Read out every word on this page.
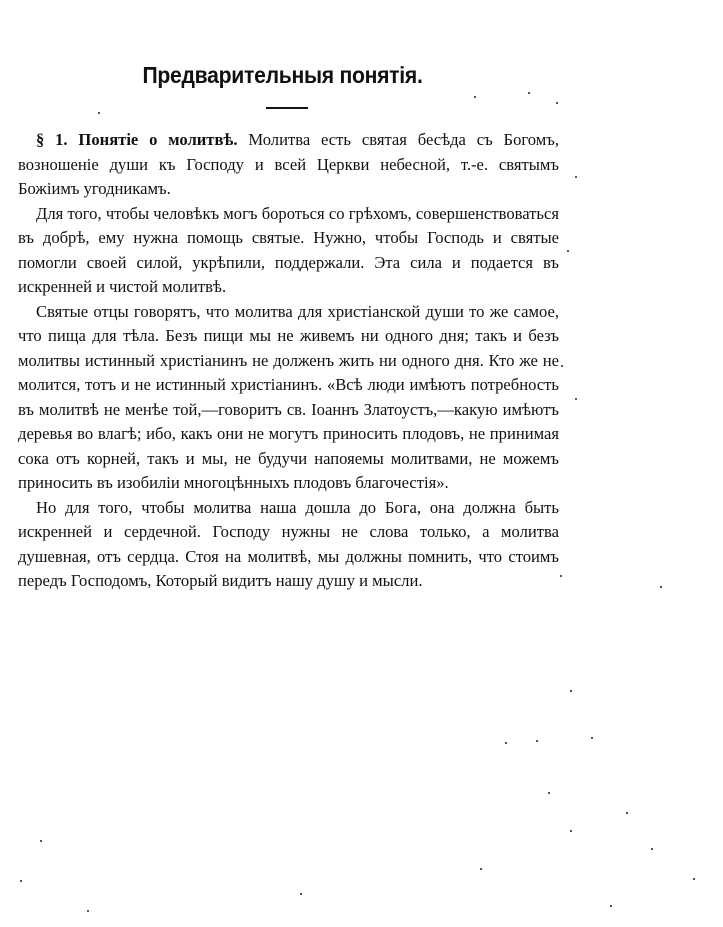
Предварительныя понятія.

§ 1. Понятіе о молитвѣ. Молитва есть святая бесѣда съ Богомъ, возношеніе души къ Господу и всей Церкви небесной, т.-е. святымъ Божіимъ угодникамъ.

Для того, чтобы человѣкъ могъ бороться со грѣхомъ, совершенствоваться въ добрѣ, ему нужна помощь святые. Нужно, чтобы Господь и святые помогли своей силой, укрѣпили, поддержали. Эта сила и подается въ искренней и чистой молитвѣ.

Святые отцы говорятъ, что молитва для христіанской души то же самое, что пища для тѣла. Безъ пищи мы не живемъ ни одного дня; такъ и безъ молитвы истинный христіанинъ не долженъ жить ни одного дня. Кто же не молится, тотъ и не истинный христіанинъ. «Всѣ люди имѣютъ потребность въ молитвѣ не менѣе той,—говоритъ св. Іоаннъ Златоустъ,—какую имѣютъ деревья во влагѣ; ибо, какъ они не могутъ приносить плодовъ, не принимая сока отъ корней, такъ и мы, не будучи напояемы молитвами, не можемъ приносить въ изобиліи многоцѣнныхъ плодовъ благочестія».

Но для того, чтобы молитва наша дошла до Бога, она должна быть искренней и сердечной. Господу нужны не слова только, а молитва душевная, отъ сердца. Стоя на молитвѣ, мы должны помнить, что стоимъ передъ Господомъ, Который видитъ нашу душу и мысли.
